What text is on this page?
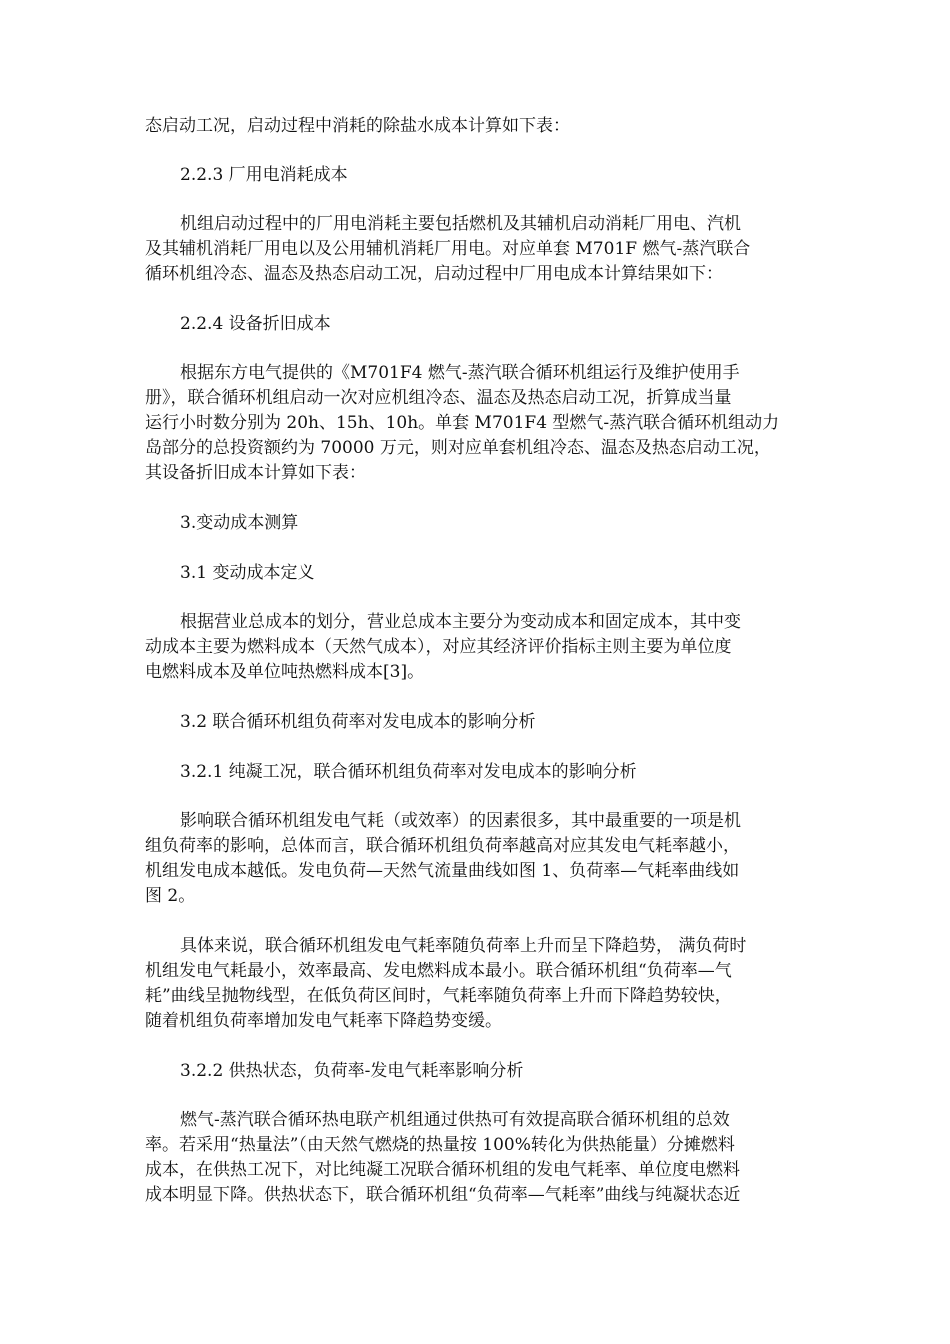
态启动工况，启动过程中消耗的除盐水成本计算如下表：
2.2.3 厂用电消耗成本
机组启动过程中的厂用电消耗主要包括燃机及其辅机启动消耗厂用电、汽机
及其辅机消耗厂用电以及公用辅机消耗厂用电。对应单套 M701F 燃气-蒸汽联合
循环机组冷态、温态及热态启动工况，启动过程中厂用电成本计算结果如下：
2.2.4 设备折旧成本
根据东方电气提供的《M701F4 燃气-蒸汽联合循环机组运行及维护使用手
册》，联合循环机组启动一次对应机组冷态、温态及热态启动工况，折算成当量
运行小时数分别为 20h、15h、10h。单套 M701F4 型燃气-蒸汽联合循环机组动力
岛部分的总投资额约为 70000 万元，则对应单套机组冷态、温态及热态启动工况，
其设备折旧成本计算如下表：
3.变动成本测算
3.1 变动成本定义
根据营业总成本的划分，营业总成本主要分为变动成本和固定成本，其中变
动成本主要为燃料成本（天然气成本），对应其经济评价指标主则主要为单位度
电燃料成本及单位吨热燃料成本[3]。
3.2 联合循环机组负荷率对发电成本的影响分析
3.2.1 纯凝工况，联合循环机组负荷率对发电成本的影响分析
影响联合循环机组发电气耗（或效率）的因素很多，其中最重要的一项是机
组负荷率的影响，总体而言，联合循环机组负荷率越高对应其发电气耗率越小，
机组发电成本越低。发电负荷—天然气流量曲线如图 1、负荷率—气耗率曲线如
图 2。
具体来说，联合循环机组发电气耗率随负荷率上升而呈下降趋势， 满负荷时
机组发电气耗最小，效率最高、发电燃料成本最小。联合循环机组“负荷率—气
耗”曲线呈抛物线型，在低负荷区间时，气耗率随负荷率上升而下降趋势较快，
随着机组负荷率增加发电气耗率下降趋势变缓。
3.2.2 供热状态，负荷率-发电气耗率影响分析
燃气-蒸汽联合循环热电联产机组通过供热可有效提高联合循环机组的总效
率。若采用“热量法”（由天然气燃烧的热量按 100%转化为供热能量）分摊燃料
成本，在供热工况下，对比纯凝工况联合循环机组的发电气耗率、单位度电燃料
成本明显下降。供热状态下，联合循环机组“负荷率—气耗率”曲线与纯凝状态近
